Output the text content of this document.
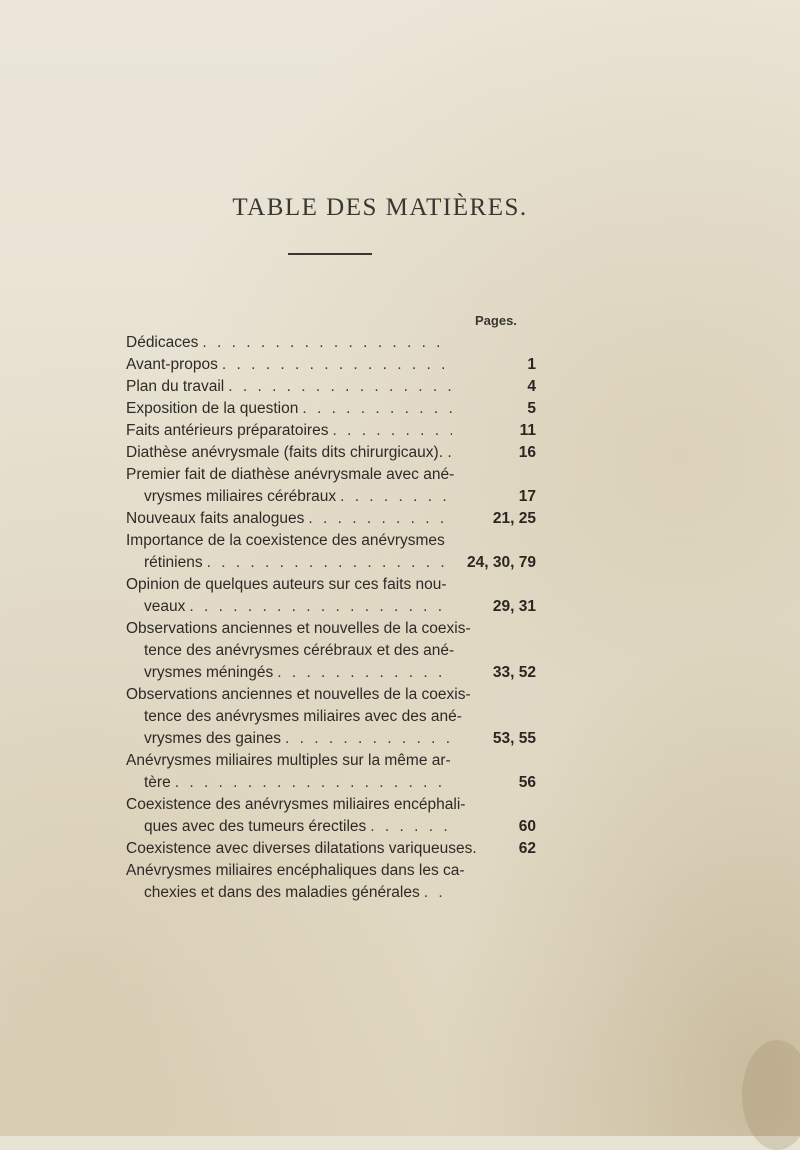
TABLE DES MATIÈRES.
Pages.
Dédicaces
. . .
Avant-propos . . .	1
Plan du travail . . .	4
Exposition de la question . . .	5
Faits antérieurs préparatoires . . .	11
Diathèse anévrysmale (faits dits chirurgicaux). .	16
Premier fait de diathèse anévrysmale avec ané-
vrysmes miliaires cérébraux . . .	17
Nouveaux faits analogues . . .	21, 25
Importance de la coexistence des anévrysmes
rétiniens . . .	24, 30, 79
Opinion de quelques auteurs sur ces faits nou-
veaux . . .	29, 31
Observations anciennes et nouvelles de la coexis-
tence des anévrysmes cérébraux et des ané-
vrysmes méningés . . .	33, 52
Observations anciennes et nouvelles de la coexis-
tence des anévrysmes miliaires avec des ané-
vrysmes des gaines . . .	53, 55
Anévrysmes miliaires multiples sur la même ar-
tère . . .	56
Coexistence des anévrysmes miliaires encéphali-
ques avec des tumeurs érectiles . . .	60
Coexistence avec diverses dilatations variqueuses.	62
Anévrysmes miliaires encéphaliques dans les ca-
chexies et dans des maladies générales
. . .
